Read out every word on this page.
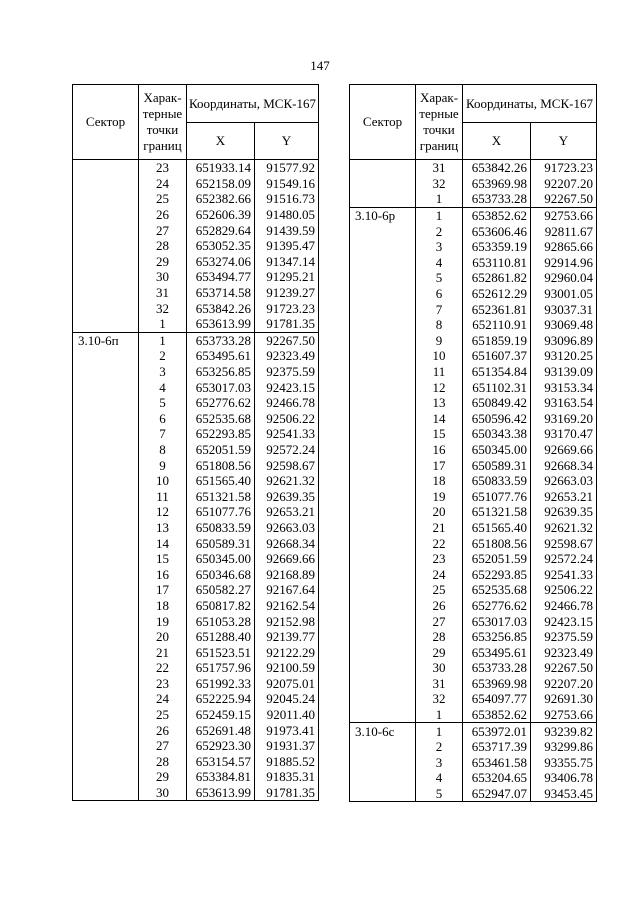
147
Сектор	Харак-терные точки границ	Координаты, МСК-167	
		X	Y
	23	651933.14	91577.92
	24	652158.09	91549.16
	25	652382.66	91516.73
	26	652606.39	91480.05
	27	652829.64	91439.59
	28	653052.35	91395.47
	29	653274.06	91347.14
	30	653494.77	91295.21
	31	653714.58	91239.27
	32	653842.26	91723.23
	1	653613.99	91781.35
3.10-6п	1	653733.28	92267.50
	2	653495.61	92323.49
	3	653256.85	92375.59
	4	653017.03	92423.15
	5	652776.62	92466.78
	6	652535.68	92506.22
	7	652293.85	92541.33
	8	652051.59	92572.24
	9	651808.56	92598.67
	10	651565.40	92621.32
	11	651321.58	92639.35
	12	651077.76	92653.21
	13	650833.59	92663.03
	14	650589.31	92668.34
	15	650345.00	92669.66
	16	650346.68	92168.89
	17	650582.27	92167.64
	18	650817.82	92162.54
	19	651053.28	92152.98
	20	651288.40	92139.77
	21	651523.51	92122.29
	22	651757.96	92100.59
	23	651992.33	92075.01
	24	652225.94	92045.24
	25	652459.15	92011.40
	26	652691.48	91973.41
	27	652923.30	91931.37
	28	653154.57	91885.52
	29	653384.81	91835.31
	30	653613.99	91781.35
Сектор	Харак-терные точки границ	Координаты, МСК-167	
		X	Y
	31	653842.26	91723.23
	32	653969.98	92207.20
	1	653733.28	92267.50
3.10-6р	1	653852.62	92753.66
	2	653606.46	92811.67
	3	653359.19	92865.66
	4	653110.81	92914.96
	5	652861.82	92960.04
	6	652612.29	93001.05
	7	652361.81	93037.31
	8	652110.91	93069.48
	9	651859.19	93096.89
	10	651607.37	93120.25
	11	651354.84	93139.09
	12	651102.31	93153.34
	13	650849.42	93163.54
	14	650596.42	93169.20
	15	650343.38	93170.47
	16	650345.00	92669.66
	17	650589.31	92668.34
	18	650833.59	92663.03
	19	651077.76	92653.21
	20	651321.58	92639.35
	21	651565.40	92621.32
	22	651808.56	92598.67
	23	652051.59	92572.24
	24	652293.85	92541.33
	25	652535.68	92506.22
	26	652776.62	92466.78
	27	653017.03	92423.15
	28	653256.85	92375.59
	29	653495.61	92323.49
	30	653733.28	92267.50
	31	653969.98	92207.20
	32	654097.77	92691.30
	1	653852.62	92753.66
3.10-6с	1	653972.01	93239.82
	2	653717.39	93299.86
	3	653461.58	93355.75
	4	653204.65	93406.78
	5	652947.07	93453.45
